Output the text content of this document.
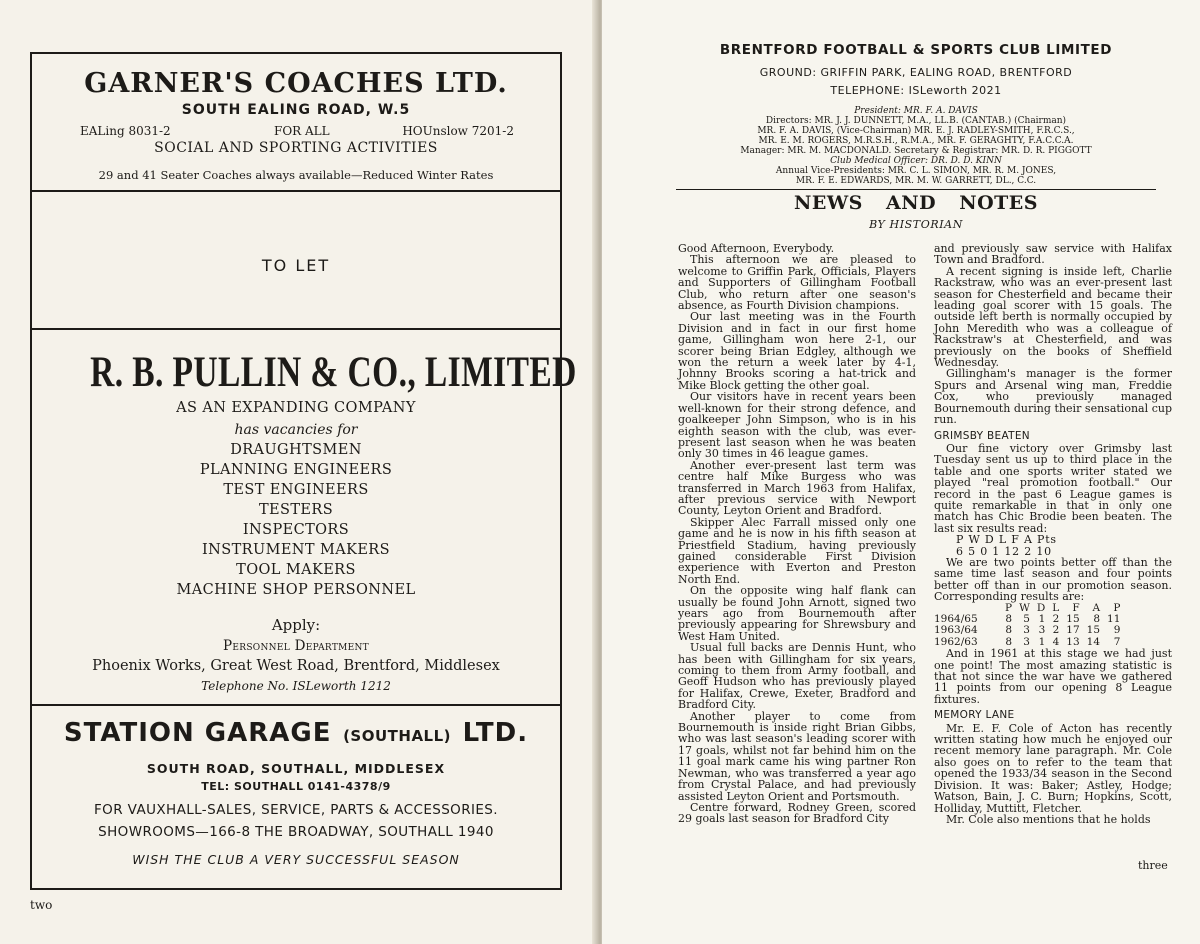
GARNER'S COACHES LTD.
SOUTH EALING ROAD, W.5
EALing 8031-2	FOR ALL	HOUnslow 7201-2
SOCIAL AND SPORTING ACTIVITIES
29 and 41 Seater Coaches always available—Reduced Winter Rates
TO LET
R. B. PULLIN & CO., LIMITED
AS AN EXPANDING COMPANY
has vacancies for
DRAUGHTSMEN
PLANNING ENGINEERS
TEST ENGINEERS
TESTERS
INSPECTORS
INSTRUMENT MAKERS
TOOL MAKERS
MACHINE SHOP PERSONNEL
Apply:
Personnel Department
Phoenix Works, Great West Road, Brentford, Middlesex
Telephone No. ISLeworth 1212
STATION GARAGE (SOUTHALL) LTD.
SOUTH ROAD, SOUTHALL, MIDDLESEX
TEL: SOUTHALL 0141-4378/9
FOR VAUXHALL-SALES, SERVICE, PARTS & ACCESSORIES.
SHOWROOMS—166-8 THE BROADWAY, SOUTHALL 1940
WISH THE CLUB A VERY SUCCESSFUL SEASON
two
BRENTFORD FOOTBALL & SPORTS CLUB LIMITED
GROUND: GRIFFIN PARK, EALING ROAD, BRENTFORD
TELEPHONE: ISLeworth 2021
President: MR. F. A. DAVIS
Directors: MR. J. J. DUNNETT, M.A., LL.B. (CANTAB.) (Chairman)
MR. F. A. DAVIS, (Vice-Chairman) MR. E. J. RADLEY-SMITH, F.R.C.S.,
MR. E. M. ROGERS, M.R.S.H., R.M.A., MR. F. GERAGHTY, F.A.C.C.A.
Manager: MR. M. MACDONALD. Secretary & Registrar: MR. D. R. PIGGOTT
Club Medical Officer: DR. D. D. KINN
Annual Vice-Presidents: MR. C. L. SIMON, MR. R. M. JONES,
MR. F. E. EDWARDS, MR. M. W. GARRETT, DL., C.C.
NEWS AND NOTES
BY HISTORIAN

Good Afternoon, Everybody.

This afternoon we are pleased to welcome to Griffin Park, Officials, Players and Supporters of Gillingham Football Club, who return after one season's absence, as Fourth Division champions.

Our last meeting was in the Fourth Division and in fact in our first home game, Gillingham won here 2-1, our scorer being Brian Edgley, although we won the return a week later by 4-1, Johnny Brooks scoring a hat-trick and Mike Block getting the other goal.

Our visitors have in recent years been well-known for their strong defence, and goalkeeper John Simpson, who is in his eighth season with the club, was ever-present last season when he was beaten only 30 times in 46 league games.

Another ever-present last term was centre half Mike Burgess who was transferred in March 1963 from Halifax, after previous service with Newport County, Leyton Orient and Bradford.

Skipper Alec Farrall missed only one game and he is now in his fifth season at Priestfield Stadium, having previously gained considerable First Division experience with Everton and Preston North End.

On the opposite wing half flank can usually be found John Arnott, signed two years ago from Bournemouth after previously appearing for Shrewsbury and West Ham United.

Usual full backs are Dennis Hunt, who has been with Gillingham for six years, coming to them from Army football, and Geoff Hudson who has previously played for Halifax, Crewe, Exeter, Bradford and Bradford City.

Another player to come from Bournemouth is inside right Brian Gibbs, who was last season's leading scorer with 17 goals, whilst not far behind him on the 11 goal mark came his wing partner Ron Newman, who was transferred a year ago from Crystal Palace, and had previously assisted Leyton Orient and Portsmouth.

Centre forward, Rodney Green, scored 29 goals last season for Bradford City

and previously saw service with Halifax Town and Bradford.

A recent signing is inside left, Charlie Rackstraw, who was an ever-present last season for Chesterfield and became their leading goal scorer with 15 goals. The outside left berth is normally occupied by John Meredith who was a colleague of Rackstraw's at Chesterfield, and was previously on the books of Sheffield Wednesday.

Gillingham's manager is the former Spurs and Arsenal wing man, Freddie Cox, who previously managed Bournemouth during their sensational cup run.

GRIMSBY BEATEN

Our fine victory over Grimsby last Tuesday sent us up to third place in the table and one sports writer stated we played "real promotion football." Our record in the past 6 League games is quite remarkable in that in only one match has Chic Brodie been beaten. The last six results read:

P W D L F A Pts
6 5 0 1 12 2 10

We are two points better off than the same time last season and four points better off than in our promotion season. Corresponding results are:

	P	W	D	L	F	A	P
1964/65	8	5	1	2	15	8	11
1963/64	8	3	3	2	17	15	9
1962/63	8	3	1	4	13	14	7

And in 1961 at this stage we had just one point! The most amazing statistic is that not since the war have we gathered 11 points from our opening 8 League fixtures.

MEMORY LANE

Mr. E. F. Cole of Acton has recently written stating how much he enjoyed our recent memory lane paragraph. Mr. Cole also goes on to refer to the team that opened the 1933/34 season in the Second Division. It was: Baker; Astley, Hodge; Watson, Bain, J. C. Burn; Hopkins, Scott, Holliday, Muttitt, Fletcher.

Mr. Cole also mentions that he holds

three
